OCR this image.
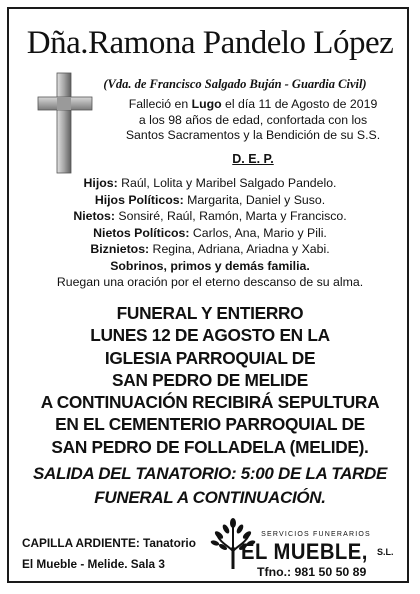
Dña.Ramona Pandelo López
(Vda. de Francisco Salgado Buján - Guardia Civil)
Falleció en Lugo el día 11 de Agosto de 2019
a los 98 años de edad, confortada con los
Santos Sacramentos y la Bendición de su S.S.
D. E. P.
Hijos: Raúl, Lolita y Maribel Salgado Pandelo.
Hijos Políticos: Margarita, Daniel y Suso.
Nietos: Sonsiré, Raúl, Ramón, Marta y Francisco.
Nietos Políticos: Carlos, Ana, Mario y Pili.
Biznietos: Regina, Adriana, Ariadna y Xabi.
Sobrinos, primos y demás familia.
Ruegan una oración por el eterno descanso de su alma.
FUNERAL Y ENTIERRO
LUNES 12 DE AGOSTO EN LA
IGLESIA PARROQUIAL DE
SAN PEDRO DE MELIDE
A CONTINUACIÓN RECIBIRÁ SEPULTURA
EN EL CEMENTERIO PARROQUIAL DE
SAN PEDRO DE FOLLADELA (MELIDE).
SALIDA DEL TANATORIO: 5:00 DE LA TARDE
FUNERAL A CONTINUACIÓN.
CAPILLA ARDIENTE: Tanatorio
El Mueble - Melide. Sala 3
SERVICIOS FUNERARIOS
EL MUEBLE, S.L.
Tfno.: 981 50 50 89
